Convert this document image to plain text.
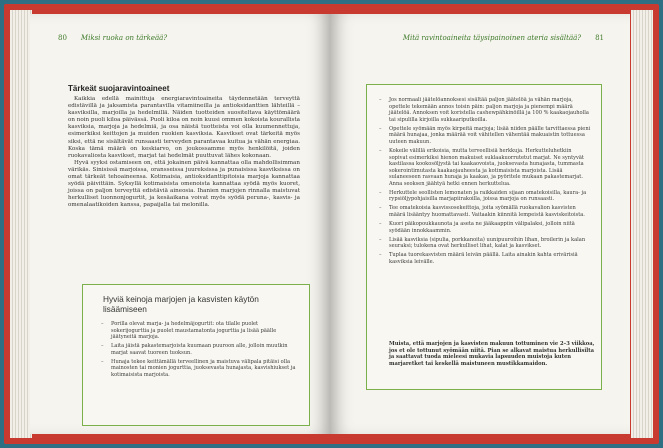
80 Miksi ruoka on tärkeää?
Tärkeät suojaravintoaineet

Kaikkia edellä mainittuja energiaravintoaineita täydennetään terveyttä edistävillä ja jaksamista parantavilla vitamiineilla ja antioksidanttien lähteillä – kasviksilla, marjoilla ja hedelmillä. Näiden tuotteiden suositeltava käyttömäärä on noin puoli kiloa päivässä. Puoli kiloa on noin kuusi ommen kokoista kourallista kasviksia, marjoja ja hedelmiä, ja osa näistä tuotteista voi olla kuumennettuja, esimerkiksi keittojen ja muiden ruokien kasviksia. Kasvikset ovat tärkeitä myös siksi, että ne sisältävät runsaasti terveyden parantavaa kuitua ja vähän energiaa. Koska tämä määrä on keskiarvo, on joukossamme myös henkilöitä, joiden ruokavaliosta kasvikset, marjat tai hedelmät puuttuvat lähes kokonaan.

Hyvä syyksi ostamiseen on, että jokainen päivä kannattaa olla mahdollisimman värikäs. Sinisissä marjoissa, oransseissa juureksissa ja punaisissa kasviksissa on omat tärkeät tehoaineensa. Kotimaisia, antioksidanttipitoisia marjoja kannattaa syödä päivittäin. Syksyllä kotimaisista omenoista kannattaa syödä myös kuoret, joissa on paljon terveyttä edistäviä aineosia. Ihanien marjojen rinnalla maistuvat herkulliset luonnonjogurtit, ja kesäaikana voivat myös syödä peruna-, kasvis- ja omenalaatikoiden kanssa, papaijalla tai melonilla.

Hyviä keinoja marjojen ja kasvisten käytön lisäämiseen
– Porilla olevat marja- ja hedelmäjogurtit: ota tilalle puolet sokerijogurttia ja puolet maustamatonta jogurttia ja lisää päälle jäätyneitä marjoja.
– Laita jäistä pakastemarjoista kuumaan puuroon alle, jolloin muutkin marjat saavat tuoreen tuoksun.
– Hunaja tekee keittämällä terveellinen ja maistuva välipala pitäisi olla mainosten tai monien jogurttia, juoksevasta hunajasta, kasvishiukset ja kotimaisista marjoista.
Mitä ravintoaineita täysipainoinen ateria sisältää? 81
– Jos normaali jäätelöannoksesi sisältää paljon jäätelöä ja vähän marjoja, opettele tekemään annos toisin päin: paljon marjoja ja pienempi määrä jäätelöä. Annoksen voit koristella cashewpähkinöillä ja 100 % kaakaojauholla tai sipulilla kirjoilla sukkaariputkoilla.
– Opettele syömään myös kirpeitä marjoja; lisää niiden päälle tarvittaessa pieni määrä hunajaa, jonka määrää voit vähitellen vähentää makuaistin tottuessa uuteen makuun.
– Kokeile välillä erikoisia, mutta terveellisiä herkkuja. Herkutteluhetkiin sopivat esimerkiksi hienon makuiset suklaakuorrutetut marjat. Ne syntyvät kastilassa kookosöljystä tai kaakaovoista, juoksevasta hunajasta, tummasta sokerointimutasta kaakaojauheesta ja kotimaisista marjoista. Lisää sulaneeseen rasvaan hunaja ja kaakao, ja pyöritele mukaan pakastemarjat. Anna seoksen jäähtyä hetki ennen herkuttelua.
– Herkuttele seollisten lemonaten ja raikkaiden sijaan omatekoisilla, kaura- ja rypsiöljypohjaisilla marjapiirakoilla, joissa marjoja on runsaasti.
– Tee omatekoisia kasvissosekeittoja, joita syömällä ruokavalion kasvisten määrä lisääntyy huomattavasti. Vaitaakin kiinnitä lempeistä kasviskeitoista.
– Kuori päikopoukkaunota ja aseta ne jääkaappiin välipalaksi, jolloin niitä syödään innokkaammin.
– Lisää kasviksia (sipulia, porkkanoita) uunipuuroihin lihan, broilerin ja kalan seuraksi; tulokena ovat herkulliset lihat, kalat ja kasvikset.
– Tuplaa tuorekasvisten määrä leivän päällä. Laita ainakin kahta erivärisiä kasviksia leivälle.

Muista, että marjojen ja kasvisten makuun tottuminen vie 2–3 viikkoa, jos et ole tottunut syömään niitä. Pian se alkavat maistua herkullisilta ja saattavat tuoda mieleesi mukavia lapsuuden muistoja kuten marjaretket tai keskellä maistuneen mustikkamaidon.
